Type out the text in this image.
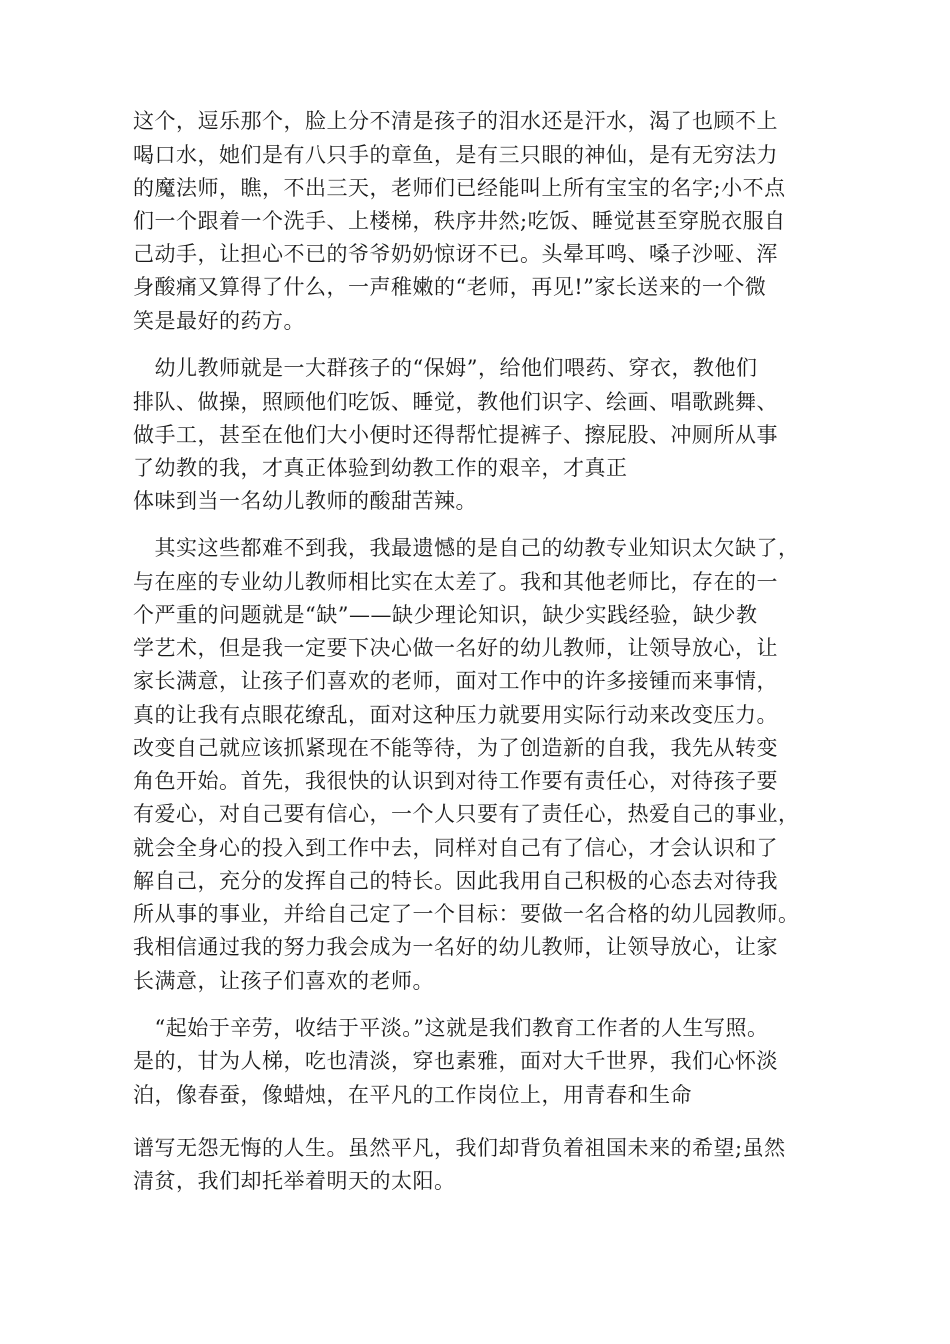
这个，逗乐那个，脸上分不清是孩子的泪水还是汗水，渴了也顾不上
喝口水，她们是有八只手的章鱼，是有三只眼的神仙，是有无穷法力
的魔法师，瞧，不出三天，老师们已经能叫上所有宝宝的名字;小不点
们一个跟着一个洗手、上楼梯，秩序井然;吃饭、睡觉甚至穿脱衣服自
己动手，让担心不已的爷爷奶奶惊讶不已。头晕耳鸣、嗓子沙哑、浑
身酸痛又算得了什么，一声稚嫩的“老师，再见!”家长送来的一个微
笑是最好的药方。
　幼儿教师就是一大群孩子的“保姆”，给他们喂药、穿衣，教他们
排队、做操，照顾他们吃饭、睡觉，教他们识字、绘画、唱歌跳舞、
做手工，甚至在他们大小便时还得帮忙提裤子、擦屁股、冲厕所从事
了幼教的我，才真正体验到幼教工作的艰辛，才真正
体味到当一名幼儿教师的酸甜苦辣。
　其实这些都难不到我，我最遗憾的是自己的幼教专业知识太欠缺了，
与在座的专业幼儿教师相比实在太差了。我和其他老师比，存在的一
个严重的问题就是“缺”——缺少理论知识，缺少实践经验，缺少教
学艺术，但是我一定要下决心做一名好的幼儿教师，让领导放心，让
家长满意，让孩子们喜欢的老师，面对工作中的许多接锺而来事情，
真的让我有点眼花缭乱，面对这种压力就要用实际行动来改变压力。
改变自己就应该抓紧现在不能等待，为了创造新的自我，我先从转变
角色开始。首先，我很快的认识到对待工作要有责任心，对待孩子要
有爱心，对自己要有信心，一个人只要有了责任心，热爱自己的事业，
就会全身心的投入到工作中去，同样对自己有了信心，才会认识和了
解自己，充分的发挥自己的特长。因此我用自己积极的心态去对待我
所从事的事业，并给自己定了一个目标：要做一名合格的幼儿园教师。
我相信通过我的努力我会成为一名好的幼儿教师，让领导放心，让家
长满意，让孩子们喜欢的老师。
　“起始于辛劳，收结于平淡。”这就是我们教育工作者的人生写照。
是的，甘为人梯，吃也清淡，穿也素雅，面对大千世界，我们心怀淡
泊，像春蚕，像蜡烛，在平凡的工作岗位上，用青春和生命
谱写无怨无悔的人生。虽然平凡，我们却背负着祖国未来的希望;虽然
清贫，我们却托举着明天的太阳。
